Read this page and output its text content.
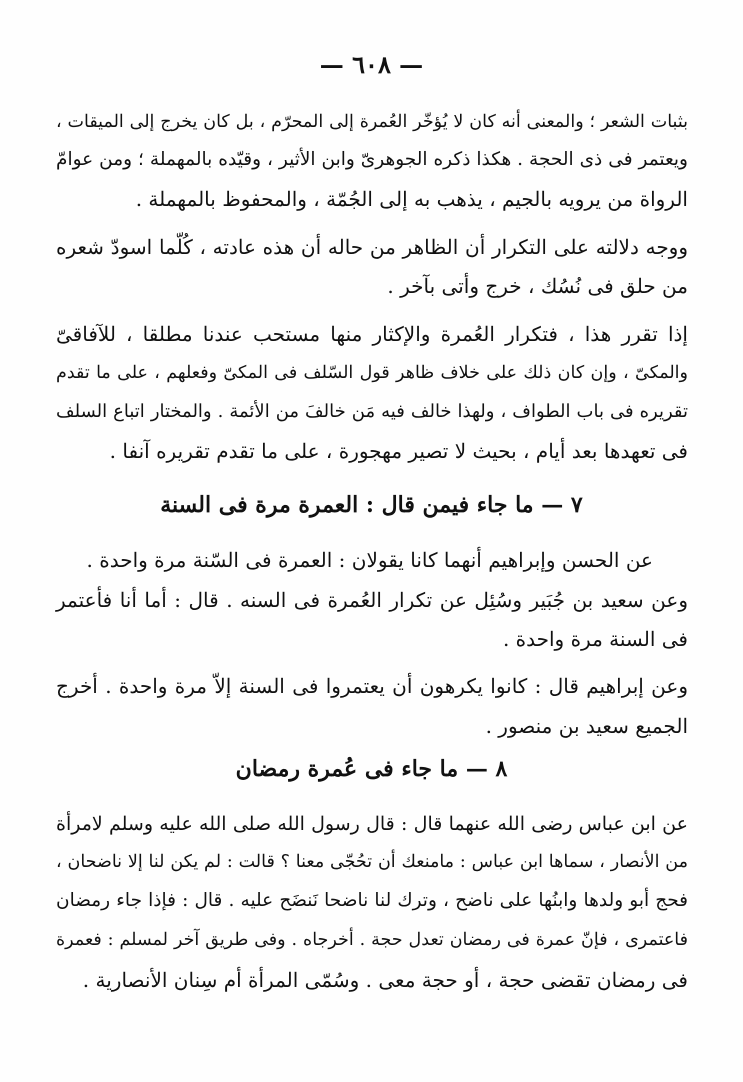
— ٦٠٨ —
بثبات الشعر ؛ والمعنى أنه كان لا يُؤخّر العُمرة إلى المحرّم ، بل كان يخرج إلى الميقات ،
ويعتمر فى ذى الحجة . هكذا ذكره الجوهرىّ وابن الأثير ، وقيّده بالمهملة ؛ ومن عوامّ
الرواة من يرويه بالجيم ، يذهب به إلى الجُمّة ، والمحفوظ بالمهملة .
ووجه دلالته على التكرار أن الظاهر من حاله أن هذه عادته ، كُلّما اسودّ شعره
من حلق فى نُسُك ، خرج وأتى بآخر .
إذا تقرر هذا ، فتكرار العُمرة والإكثار منها مستحب عندنا مطلقا ، للآفاقىّ
والمكىّ ، وإن كان ذلك على خلاف ظاهر قول السّلف فى المكىّ وفعلهم ، على ما تقدم
تقريره فى باب الطواف ، ولهذا خالف فيه مَن خالفَ من الأئمة . والمختار اتباع السلف
فى تعهدها بعد أيام ، بحيث لا تصير مهجورة ، على ما تقدم تقريره آنفا .
٧ — ما جاء فيمن قال : العمرة مرة فى السنة
عن الحسن وإبراهيم أنهما كانا يقولان : العمرة فى السّنة مرة واحدة .
وعن سعيد بن جُبَير وسُئِل عن تكرار العُمرة فى السنه . قال : أما أنا فأعتمر
فى السنة مرة واحدة .
وعن إبراهيم قال : كانوا يكرهون أن يعتمروا فى السنة إلاّ مرة واحدة . أخرج
الجميع سعيد بن منصور .
٨ — ما جاء فى عُمرة رمضان
عن ابن عباس رضى الله عنهما قال : قال رسول الله صلى الله عليه وسلم لامرأة
من الأنصار ، سماها ابن عباس : مامنعك أن تحُجّى معنا ؟ قالت : لم يكن لنا إلا ناضحان ،
فحج أبو ولدها وابنُها على ناضح ، وترك لنا ناضحا نَنضَح عليه . قال : فإذا جاء رمضان
فاعتمرى ، فإنّ عمرة فى رمضان تعدل حجة . أخرجاه . وفى طريق آخر لمسلم : فعمرة
فى رمضان تقضى حجة ، أو حجة معى . وسُمّى المرأة أم سِنان الأنصارية .
